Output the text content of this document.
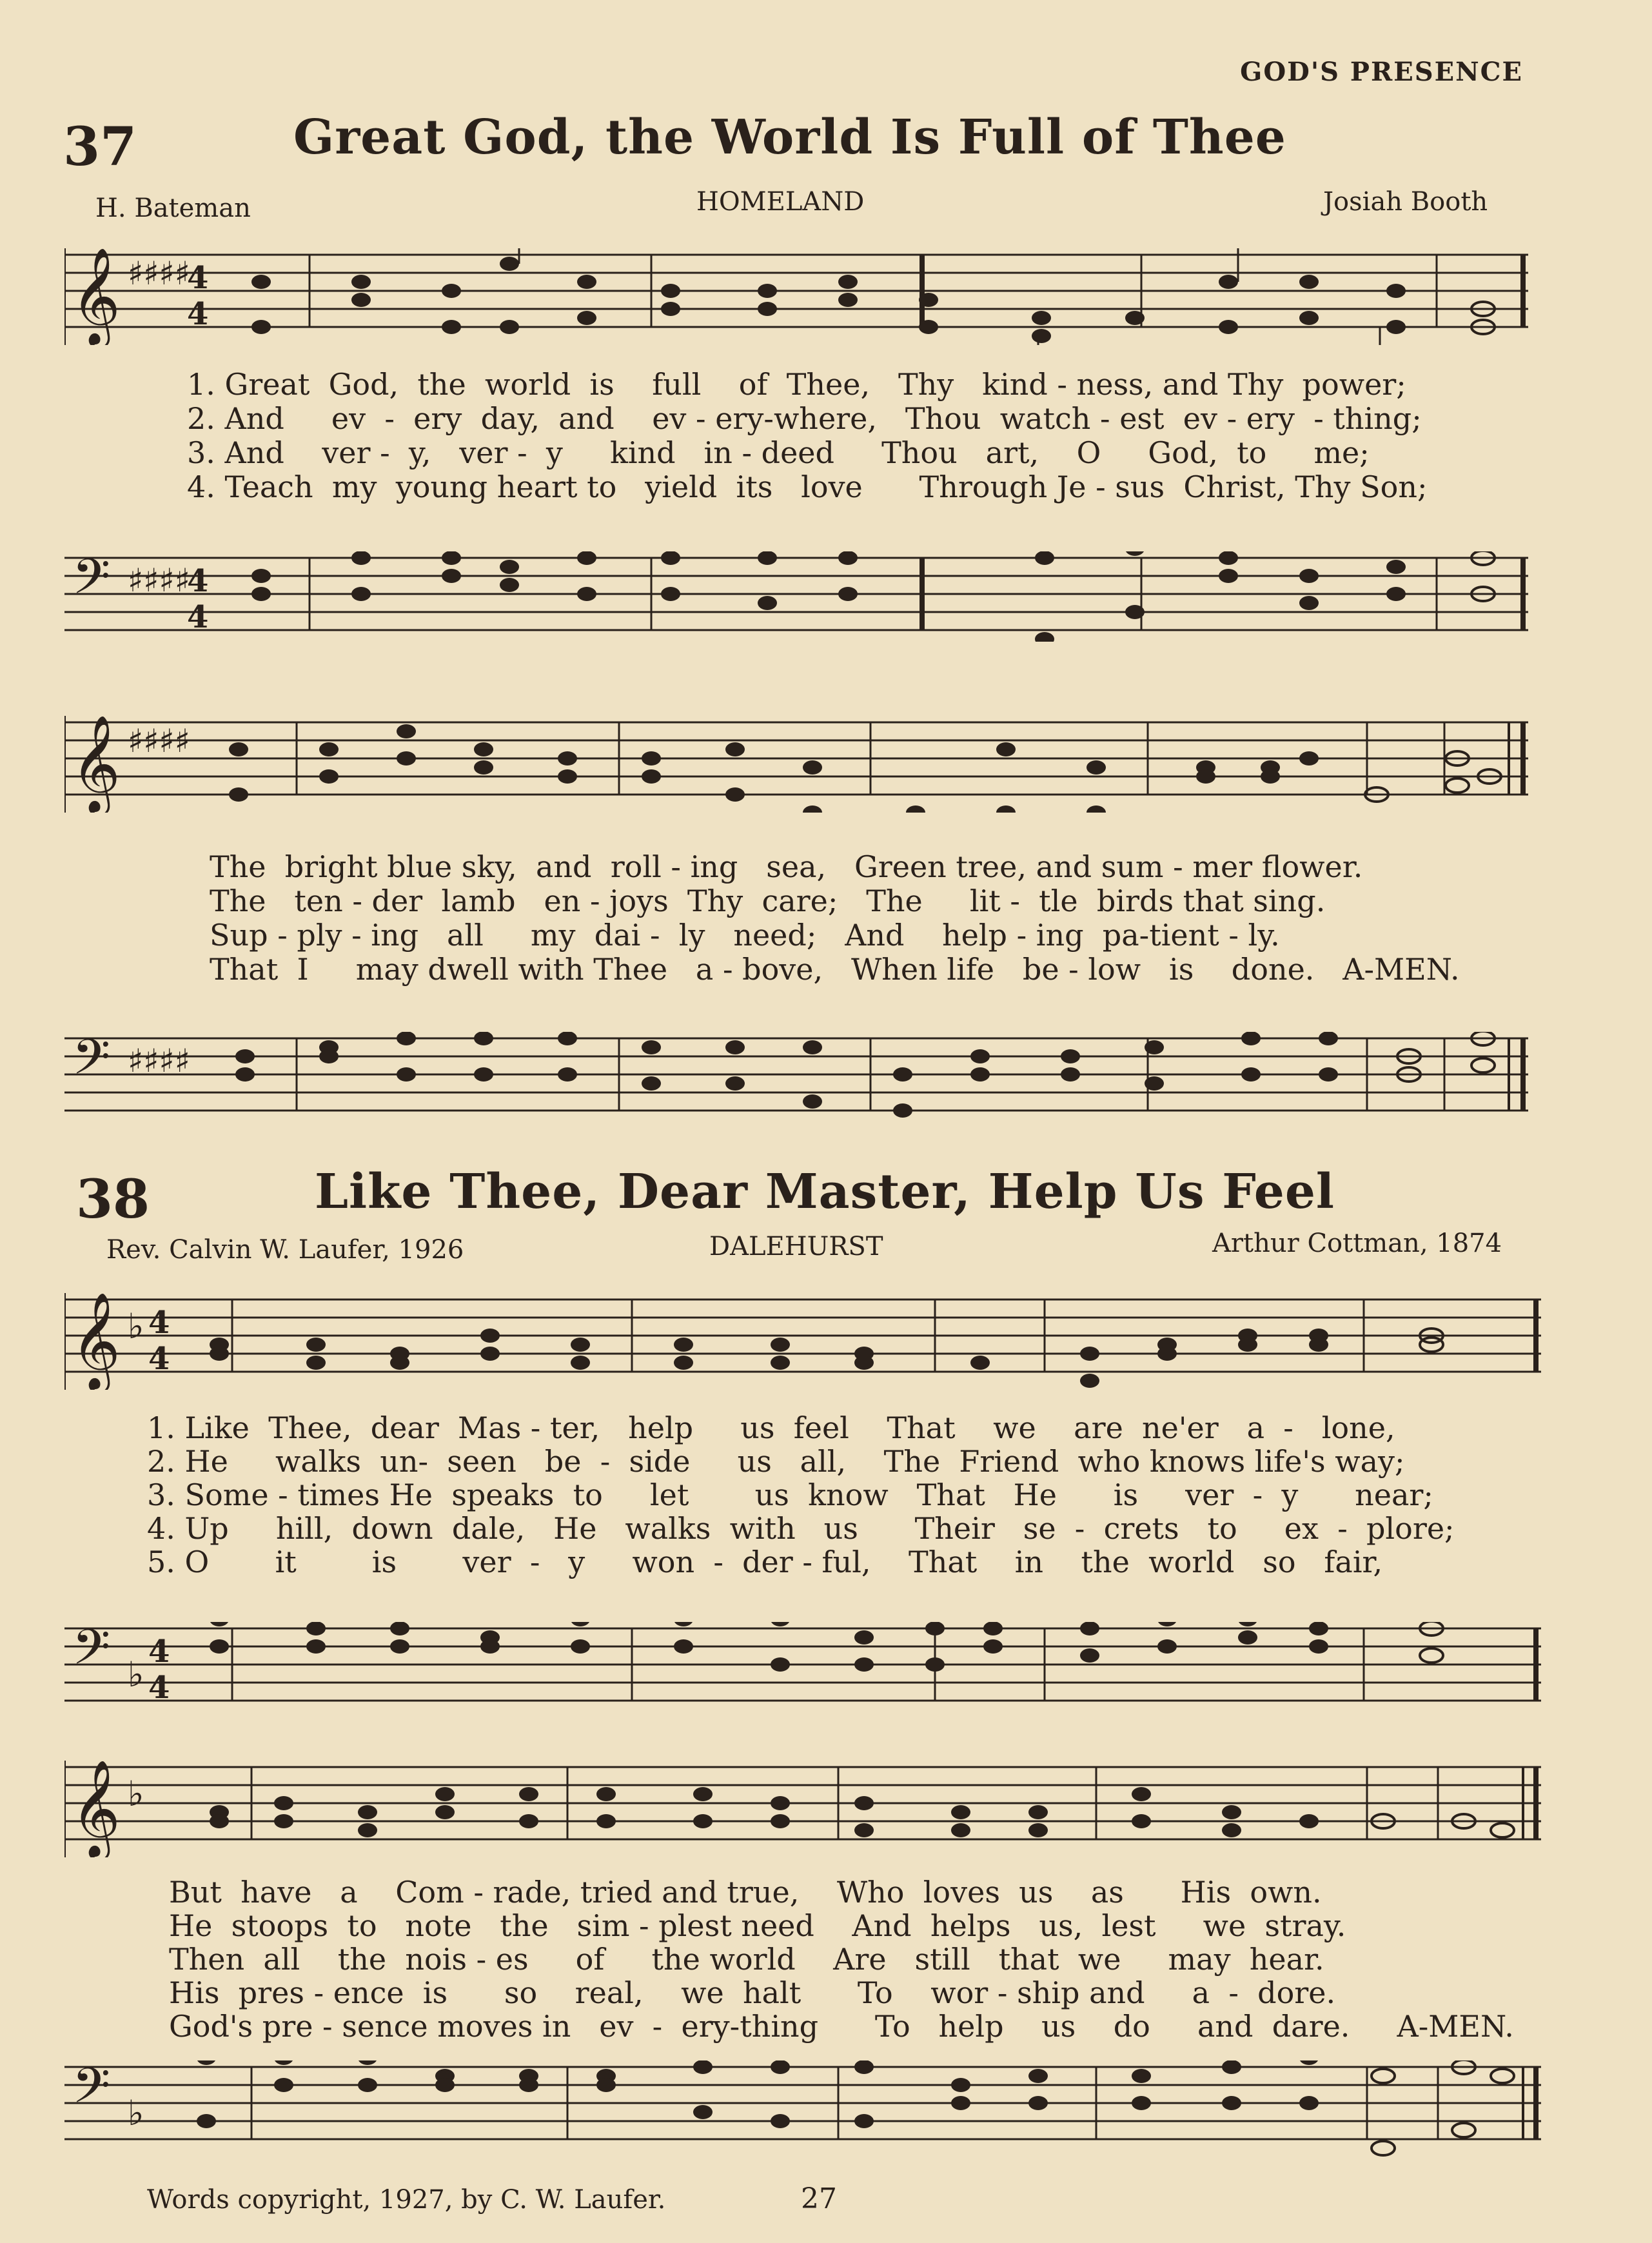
GOD'S PRESENCE
37	Great God, the World Is Full of Thee
H. Bateman	HOMELAND	Josiah Booth
𝄞 ♯♯♯♯
4
4
1. Great  God,  the  world  is    full    of  Thee,   Thy   kind - ness, and Thy  power;
2. And     ev  -  ery  day,  and    ev - ery-where,   Thou  watch - est  ev - ery  - thing;
3. And    ver -  y,   ver -  y     kind   in - deed     Thou   art,    O     God,  to     me;
4. Teach  my  young heart to   yield  its   love      Through Je - sus  Christ, Thy Son;
𝄢 ♯♯♯♯
4
4
𝄞 ♯♯♯♯
The  bright blue sky,  and  roll - ing   sea,   Green tree, and sum - mer flower.
The   ten - der  lamb   en - joys  Thy  care;   The     lit -  tle  birds that sing.
Sup - ply - ing   all     my  dai -  ly   need;   And    help - ing  pa-tient - ly.
That  I     may dwell with Thee   a - bove,   When life   be - low   is    done.   A-MEN.
𝄢 ♯♯♯♯
38	Like Thee, Dear Master, Help Us Feel
Rev. Calvin W. Laufer, 1926	DALEHURST	Arthur Cottman, 1874
𝄞 ♭ 4
4
1. Like  Thee,  dear  Mas - ter,   help     us  feel    That    we    are  ne'er   a  -   lone,
2. He     walks  un-  seen   be  -  side     us   all,    The  Friend  who knows life's way;
3. Some - times He  speaks  to     let       us  know   That   He      is     ver  -  y      near;
4. Up     hill,  down  dale,   He   walks  with   us      Their   se  -  crets   to     ex  -  plore;
5. O       it        is       ver  -   y     won  -  der - ful,    That    in    the  world   so   fair,
𝄢 ♭
4
4
𝄞 ♭
But  have   a    Com - rade, tried and true,    Who  loves  us    as      His  own.
He  stoops  to   note   the   sim - plest need    And  helps   us,  lest     we  stray.
Then  all    the  nois - es     of     the world    Are   still   that  we     may  hear.
His  pres - ence  is      so    real,    we  halt      To    wor - ship and     a  -  dore.
God's pre - sence moves in   ev  -  ery-thing      To   help    us    do     and  dare.     A-MEN.
𝄢 ♭
Words copyright, 1927, by C. W. Laufer.	27
